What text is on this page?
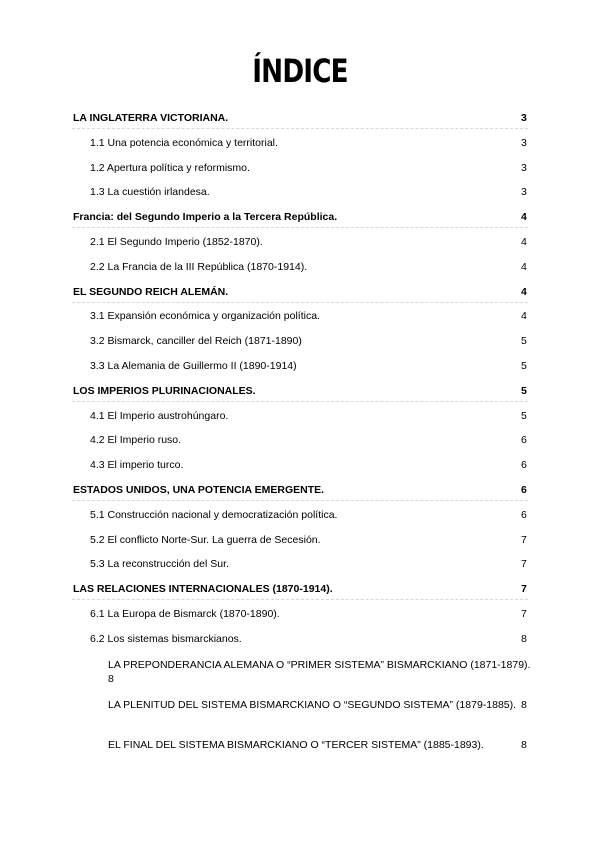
ÍNDICE
LA INGLATERRA VICTORIANA.	3
1.1 Una potencia económica y territorial.	3
1.2 Apertura política y reformismo.	3
1.3 La cuestión irlandesa.	3
Francia: del Segundo Imperio a la Tercera República.	4
2.1 El Segundo Imperio (1852-1870).	4
2.2 La Francia de la III República (1870-1914).	4
EL SEGUNDO REICH ALEMÁN.	4
3.1 Expansión económica y organización política.	4
3.2 Bismarck, canciller del Reich (1871-1890)	5
3.3 La Alemania de Guillermo II (1890-1914)	5
LOS IMPERIOS PLURINACIONALES.	5
4.1 El Imperio austrohúngaro.	5
4.2 El Imperio ruso.	6
4.3 El imperio turco.	6
ESTADOS UNIDOS, UNA POTENCIA EMERGENTE.	6
5.1 Construcción nacional y democratización política.	6
5.2 El conflicto Norte-Sur. La guerra de Secesión.	7
5.3 La reconstrucción del Sur.	7
LAS RELACIONES INTERNACIONALES (1870-1914).	7
6.1 La Europa de Bismarck (1870-1890).	7
6.2 Los sistemas bismarckianos.	8
LA PREPONDERANCIA ALEMANA O “PRIMER SISTEMA” BISMARCKIANO (1871-1879).
8
LA PLENITUD DEL SISTEMA BISMARCKIANO O “SEGUNDO SISTEMA” (1879-1885). 8
EL FINAL DEL SISTEMA BISMARCKIANO O “TERCER SISTEMA” (1885-1893).	8
